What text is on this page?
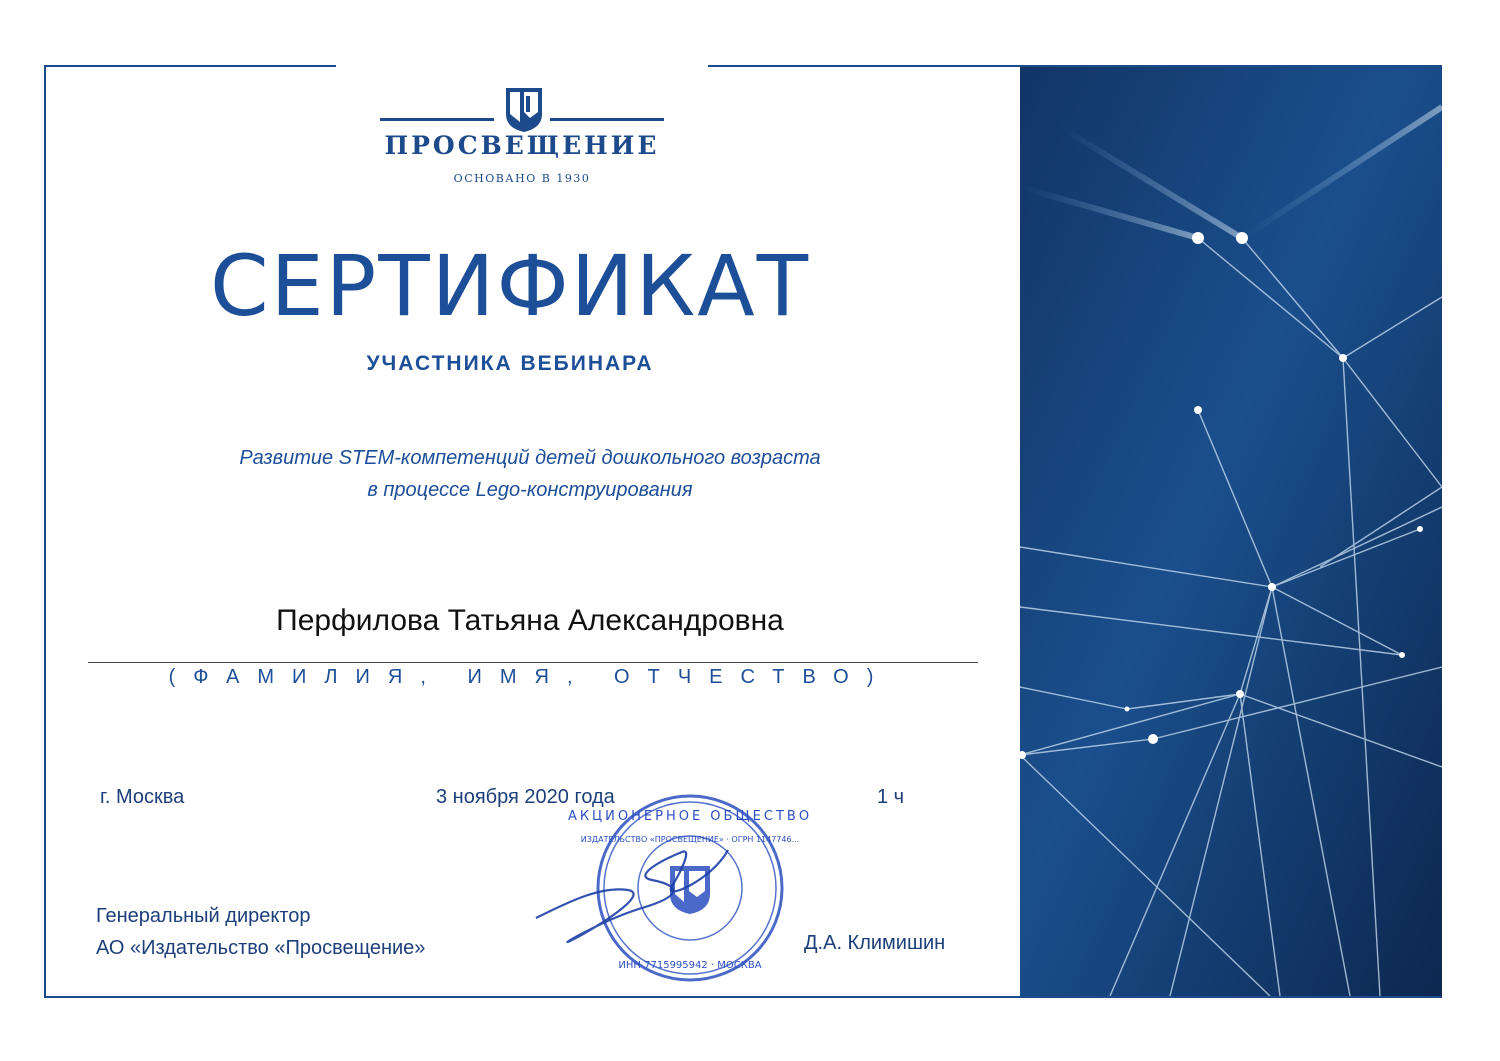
ПРОСВЕЩЕНИЕ
ОСНОВАНО В 1930
СЕРТИФИКАТ
УЧАСТНИКА ВЕБИНАРА
Развитие STEM-компетенций детей дошкольного возраста
в процессе Lego-конструирования
Перфилова Татьяна Александровна
(ФАМИЛИЯ, ИМЯ, ОТЧЕСТВО)
г. Москва	3 ноября 2020 года	1 ч
Генеральный директор
АО «Издательство «Просвещение»	Д.А. Климишин
АКЦИОНЕРНОЕ ОБЩЕСТВО
ИЗДАТЕЛЬСТВО «ПРОСВЕЩЕНИЕ» · ОГРН 1147746...
ИНН 7715995942 · МОСКВА
